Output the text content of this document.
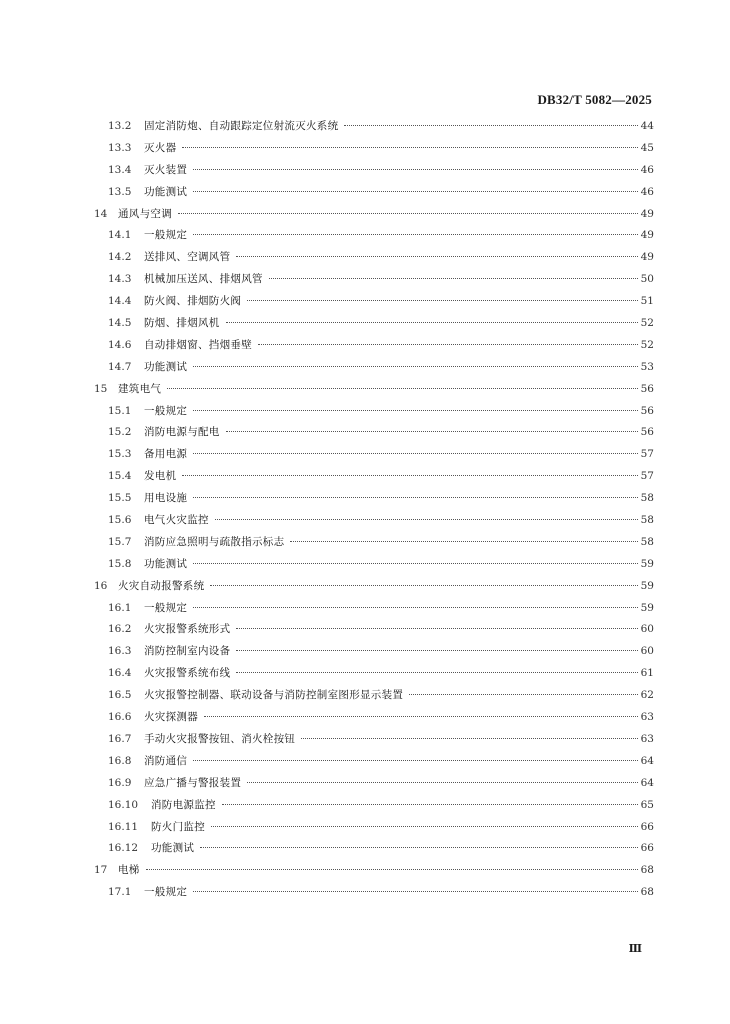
DB32/T 5082—2025
13.2	固定消防炮、自动跟踪定位射流灭火系统	44
13.3	灭火器	45
13.4	灭火装置	46
13.5	功能测试	46
14	通风与空调	49
14.1	一般规定	49
14.2	送排风、空调风管	49
14.3	机械加压送风、排烟风管	50
14.4	防火阀、排烟防火阀	51
14.5	防烟、排烟风机	52
14.6	自动排烟窗、挡烟垂壁	52
14.7	功能测试	53
15	建筑电气	56
15.1	一般规定	56
15.2	消防电源与配电	56
15.3	备用电源	57
15.4	发电机	57
15.5	用电设施	58
15.6	电气火灾监控	58
15.7	消防应急照明与疏散指示标志	58
15.8	功能测试	59
16	火灾自动报警系统	59
16.1	一般规定	59
16.2	火灾报警系统形式	60
16.3	消防控制室内设备	60
16.4	火灾报警系统布线	61
16.5	火灾报警控制器、联动设备与消防控制室图形显示装置	62
16.6	火灾探测器	63
16.7	手动火灾报警按钮、消火栓按钮	63
16.8	消防通信	64
16.9	应急广播与警报装置	64
16.10	消防电源监控	65
16.11	防火门监控	66
16.12	功能测试	66
17	电梯	68
17.1	一般规定	68
Ⅲ
